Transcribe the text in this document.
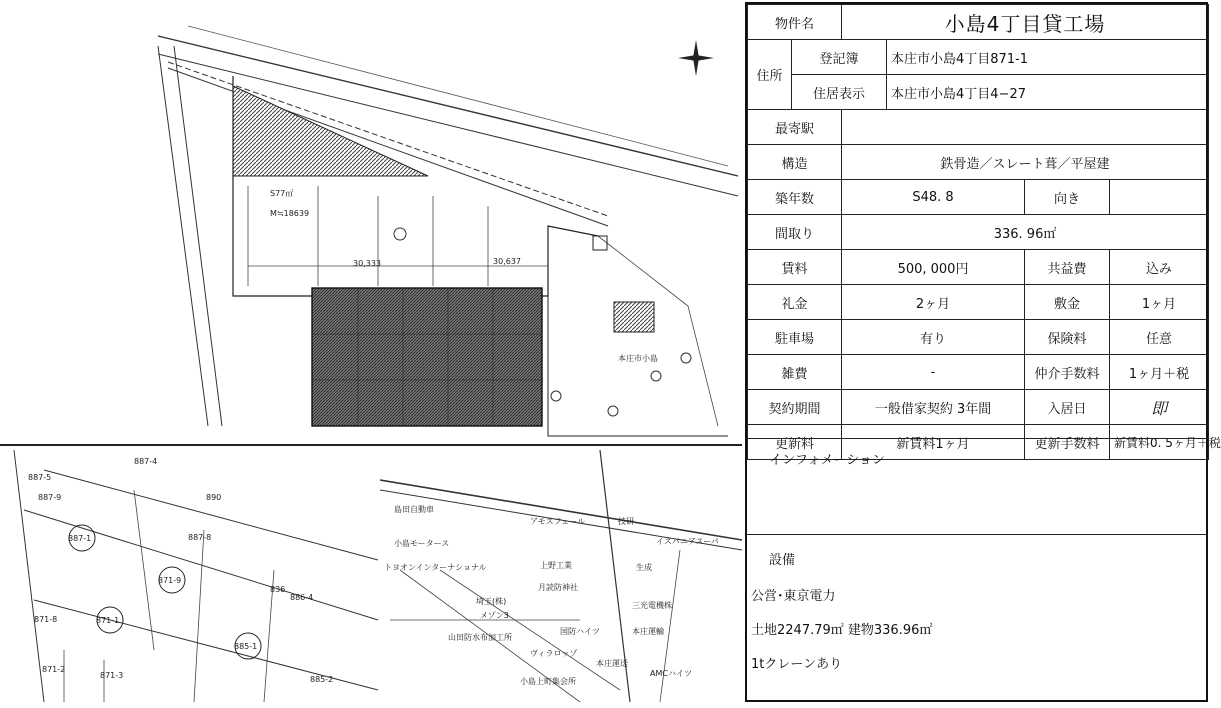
S77㎡
M≒18639
30,333	30,637
本庄市小島
887-1
871-9
871-1
885-1
887-9
887-5
887-4
887-8
871-8
871-2
871-3	885-2
886-4
836
890
島田自動車
小島モータース
アモスフェール	技研
イスパニアスーパ
トヨオンインターナショナル	上野工業
月読防神社
埼玉(株)
メゾン3
山田防水布加工所
ヴィラロッゾ
国防ハイツ
本庄運送
AMCハイツ
小島上町集会所
三光電機株
本庄運輸
生成
物件名		小島4丁目貸工場			
住所	登記簿		本庄市小島4丁目871-1		
	住居表示		本庄市小島4丁目4−27		
最寄駅					
構造		鉄骨造／スレート葺／平屋建			
築年数		S48. 8		向き	
間取り		336. 96㎡			
賃料		500, 000円		共益費	込み
礼金		2ヶ月		敷金	1ヶ月
駐車場		有り		保険料	任意
雑費		-		仲介手数料	1ヶ月＋税
契約期間		一般借家契約 3年間		入居日	即
更新料		新賃料1ヶ月		更新手数料	新賃料0. 5ヶ月＋税
インフォメーション
設備
公営･東京電力
土地2247.79㎡ 建物336.96㎡
1tクレーンあり
